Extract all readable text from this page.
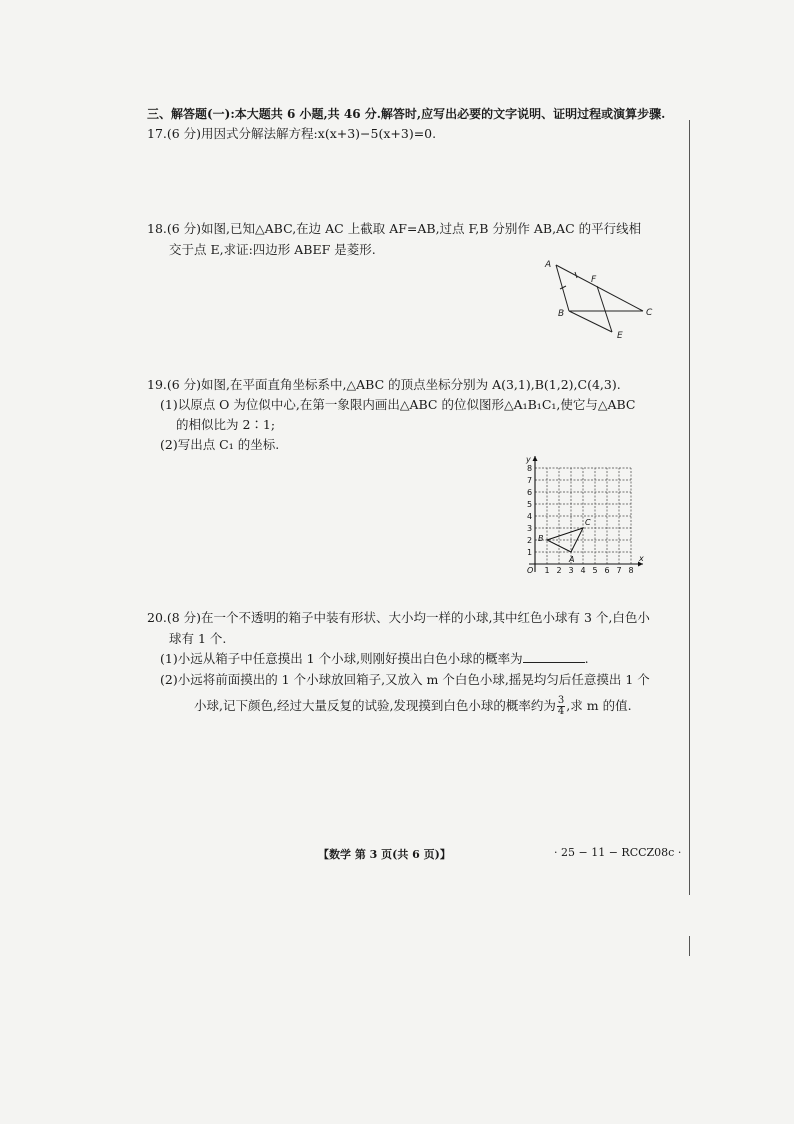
三、解答题(一):本大题共 6 小题,共 46 分.解答时,应写出必要的文字说明、证明过程或演算步骤.
17.(6 分)用因式分解法解方程:x(x+3)−5(x+3)=0.
18.(6 分)如图,已知△ABC,在边 AC 上截取 AF=AB,过点 F,B 分别作 AB,AC 的平行线相
交于点 E,求证:四边形 ABEF 是菱形.
A
F
B	C
E
19.(6 分)如图,在平面直角坐标系中,△ABC 的顶点坐标分别为 A(3,1),B(1,2),C(4,3).
(1)以原点 O 为位似中心,在第一象限内画出△ABC 的位似图形△A₁B₁C₁,使它与△ABC
的相似比为 2∶1;
(2)写出点 C₁ 的坐标.
x
y
O 1 2 3 4 5 6 7 8
1
2
3
4
5
6
7
8
A
B
C
20.(8 分)在一个不透明的箱子中装有形状、大小均一样的小球,其中红色小球有 3 个,白色小
球有 1 个.
(1)小远从箱子中任意摸出 1 个小球,则刚好摸出白色小球的概率为	.
(2)小远将前面摸出的 1 个小球放回箱子,又放入 m 个白色小球,摇晃均匀后任意摸出 1 个
小球,记下颜色,经过大量反复的试验,发现摸到白色小球的概率约为 $\frac{3}{4}$ ,求 m 的值.
【数学 第 3 页(共 6 页)】	· 25 − 11 − RCCZ08c ·
